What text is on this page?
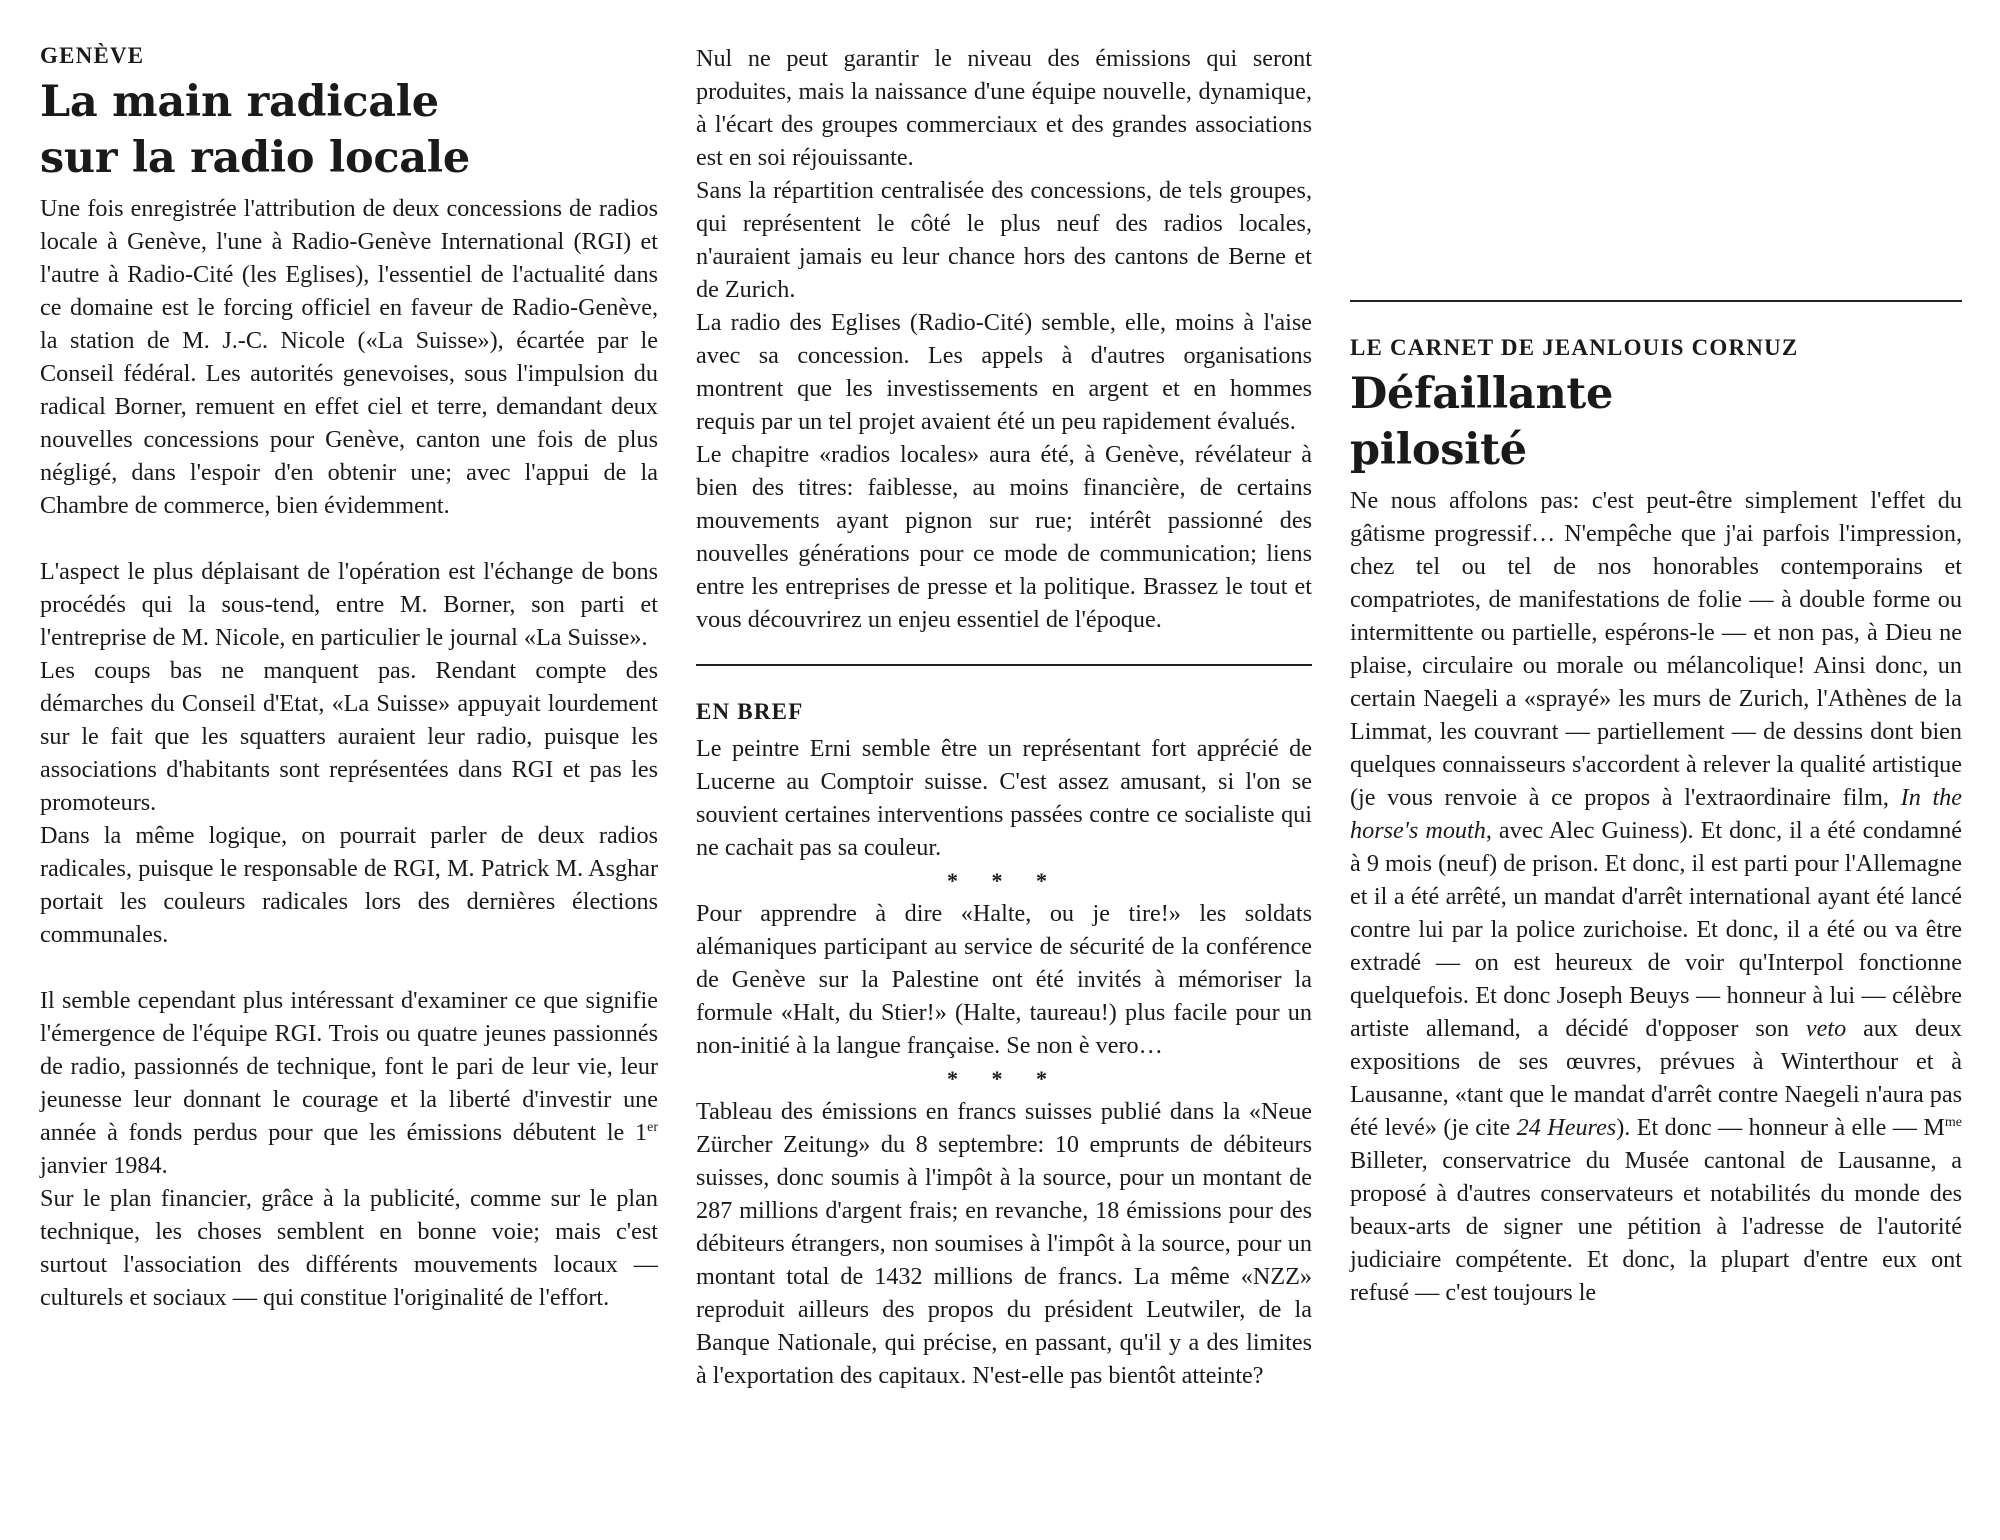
GENÈVE
La main radicale
sur la radio locale

Une fois enregistrée l'attribution de deux concessions de radios locale à Genève, l'une à Radio-Genève International (RGI) et l'autre à Radio-Cité (les Eglises), l'essentiel de l'actualité dans ce domaine est le forcing officiel en faveur de Radio-Genève, la station de M. J.-C. Nicole («La Suisse»), écartée par le Conseil fédéral. Les autorités genevoises, sous l'impulsion du radical Borner, remuent en effet ciel et terre, demandant deux nouvelles concessions pour Genève, canton une fois de plus négligé, dans l'espoir d'en obtenir une; avec l'appui de la Chambre de commerce, bien évidemment.

L'aspect le plus déplaisant de l'opération est l'échange de bons procédés qui la sous-tend, entre M. Borner, son parti et l'entreprise de M. Nicole, en particulier le journal «La Suisse».

Les coups bas ne manquent pas. Rendant compte des démarches du Conseil d'Etat, «La Suisse» appuyait lourdement sur le fait que les squatters auraient leur radio, puisque les associations d'habitants sont représentées dans RGI et pas les promoteurs.

Dans la même logique, on pourrait parler de deux radios radicales, puisque le responsable de RGI, M. Patrick M. Asghar portait les couleurs radicales lors des dernières élections communales.

Il semble cependant plus intéressant d'examiner ce que signifie l'émergence de l'équipe RGI. Trois ou quatre jeunes passionnés de radio, passionnés de technique, font le pari de leur vie, leur jeunesse leur donnant le courage et la liberté d'investir une année à fonds perdus pour que les émissions débutent le 1er janvier 1984.

Sur le plan financier, grâce à la publicité, comme sur le plan technique, les choses semblent en bonne voie; mais c'est surtout l'association des différents mouvements locaux — culturels et sociaux — qui constitue l'originalité de l'effort.

Nul ne peut garantir le niveau des émissions qui seront produites, mais la naissance d'une équipe nouvelle, dynamique, à l'écart des groupes commerciaux et des grandes associations est en soi réjouissante.

Sans la répartition centralisée des concessions, de tels groupes, qui représentent le côté le plus neuf des radios locales, n'auraient jamais eu leur chance hors des cantons de Berne et de Zurich.

La radio des Eglises (Radio-Cité) semble, elle, moins à l'aise avec sa concession. Les appels à d'autres organisations montrent que les investissements en argent et en hommes requis par un tel projet avaient été un peu rapidement évalués.

Le chapitre «radios locales» aura été, à Genève, révélateur à bien des titres: faiblesse, au moins financière, de certains mouvements ayant pignon sur rue; intérêt passionné des nouvelles générations pour ce mode de communication; liens entre les entreprises de presse et la politique. Brassez le tout et vous découvrirez un enjeu essentiel de l'époque.

EN BREF

Le peintre Erni semble être un représentant fort apprécié de Lucerne au Comptoir suisse. C'est assez amusant, si l'on se souvient certaines interventions passées contre ce socialiste qui ne cachait pas sa couleur.

* * *

Pour apprendre à dire «Halte, ou je tire!» les soldats alémaniques participant au service de sécurité de la conférence de Genève sur la Palestine ont été invités à mémoriser la formule «Halt, du Stier!» (Halte, taureau!) plus facile pour un non-initié à la langue française. Se non è vero…

* * *

Tableau des émissions en francs suisses publié dans la «Neue Zürcher Zeitung» du 8 septembre: 10 emprunts de débiteurs suisses, donc soumis à l'impôt à la source, pour un montant de 287 millions d'argent frais; en revanche, 18 émissions pour des débiteurs étrangers, non soumises à l'impôt à la source, pour un montant total de 1432 millions de francs. La même «NZZ» reproduit ailleurs des propos du président Leutwiler, de la Banque Nationale, qui précise, en passant, qu'il y a des limites à l'exportation des capitaux. N'est-elle pas bientôt atteinte?

LE CARNET DE JEANLOUIS CORNUZ
Défaillante
pilosité

Ne nous affolons pas: c'est peut-être simplement l'effet du gâtisme progressif… N'empêche que j'ai parfois l'impression, chez tel ou tel de nos honorables contemporains et compatriotes, de manifestations de folie — à double forme ou intermittente ou partielle, espérons-le — et non pas, à Dieu ne plaise, circulaire ou morale ou mélancolique! Ainsi donc, un certain Naegeli a «sprayé» les murs de Zurich, l'Athènes de la Limmat, les couvrant — partiellement — de dessins dont bien quelques connaisseurs s'accordent à relever la qualité artistique (je vous renvoie à ce propos à l'extraordinaire film, In the horse's mouth, avec Alec Guiness). Et donc, il a été condamné à 9 mois (neuf) de prison. Et donc, il est parti pour l'Allemagne et il a été arrêté, un mandat d'arrêt international ayant été lancé contre lui par la police zurichoise. Et donc, il a été ou va être extradé — on est heureux de voir qu'Interpol fonctionne quelquefois. Et donc Joseph Beuys — honneur à lui — célèbre artiste allemand, a décidé d'opposer son veto aux deux expositions de ses œuvres, prévues à Winterthour et à Lausanne, «tant que le mandat d'arrêt contre Naegeli n'aura pas été levé» (je cite 24 Heures). Et donc — honneur à elle — $M^{me}$ Billeter, conservatrice du Musée cantonal de Lausanne, a proposé à d'autres conservateurs et notabilités du monde des beaux-arts de signer une pétition à l'adresse de l'autorité judiciaire compétente. Et donc, la plupart d'entre eux ont refusé — c'est toujours le
